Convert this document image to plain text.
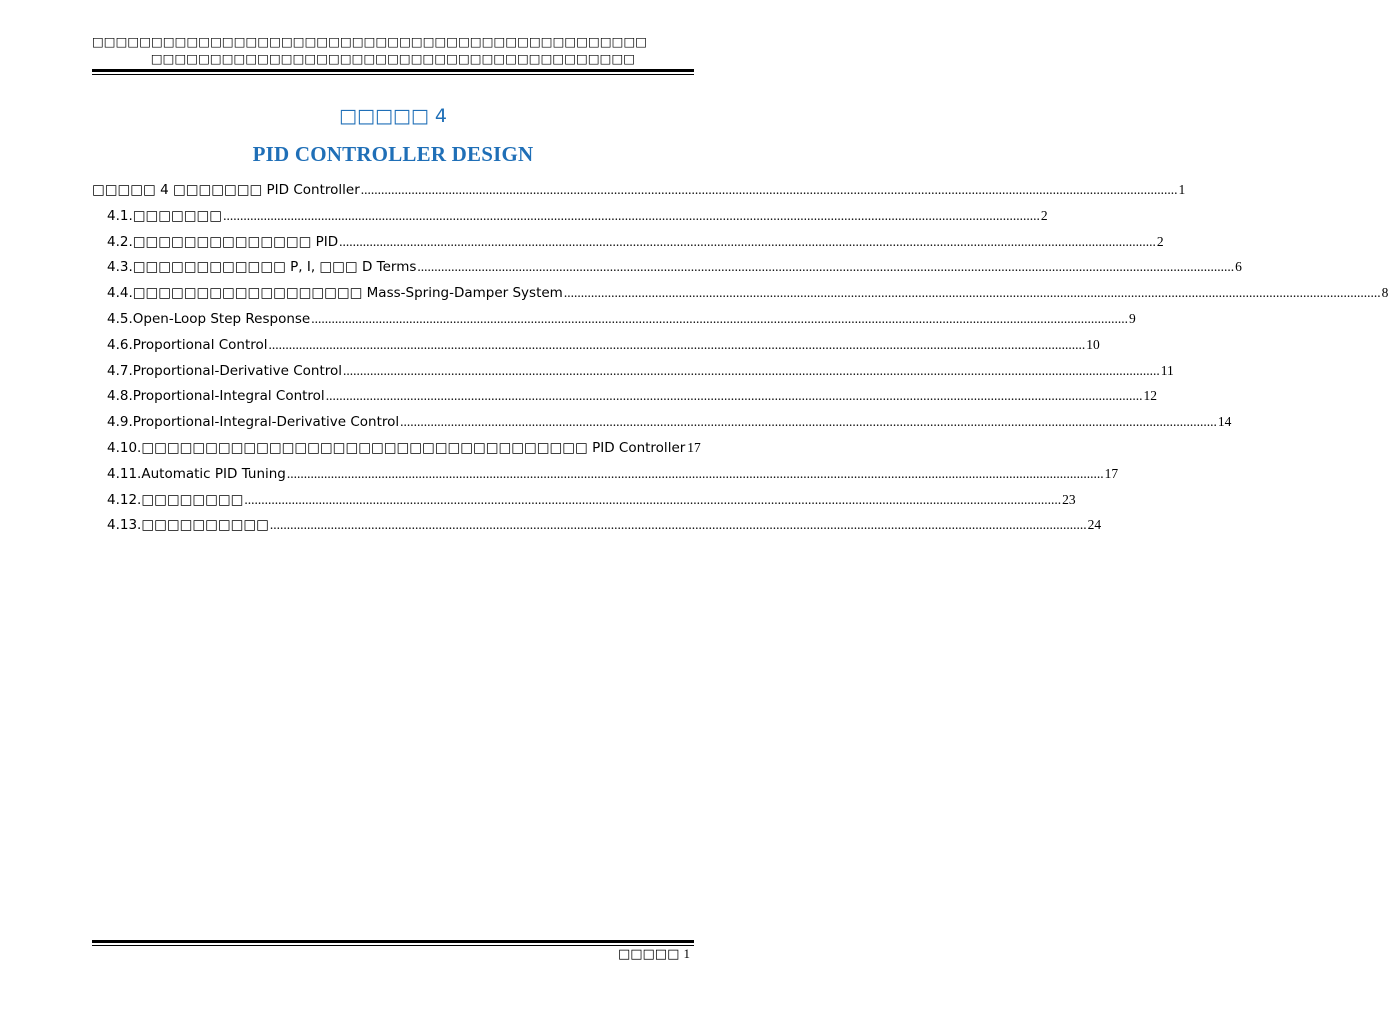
□□□□□□□□□□□□□□□□□□□□□□□□□□□□□□□□□□□□□□□□□□□□□□□
□□□□□□□□□□□□□□□□□□□□□□□□□□□□□□□□□□□□□□□□□
□□□□□ 4
PID CONTROLLER DESIGN
□□□□□ 4 □□□□□□□ PID Controller .....	1
4.1. □□□□□□□ .....	2
4.2. □□□□□□□□□□□□□□ PID .....	2
4.3. □□□□□□□□□□□□ P, I, □□□ D Terms .....	6
4.4. □□□□□□□□□□□□□□□□□□ Mass-Spring-Damper System .....	8
4.5. Open-Loop Step Response .....	9
4.6. Proportional Control .....	10
4.7. Proportional-Derivative Control .....	11
4.8. Proportional-Integral Control .....	12
4.9. Proportional-Integral-Derivative Control .....	14
4.10. □□□□□□□□□□□□□□□□□□□□□□□□□□□□□□□□□□□ PID Controller 17
4.11. Automatic PID Tuning .....	17
4.12. □□□□□□□□ .....	23
4.13. □□□□□□□□□□ .....	24
□□□□□ 1
